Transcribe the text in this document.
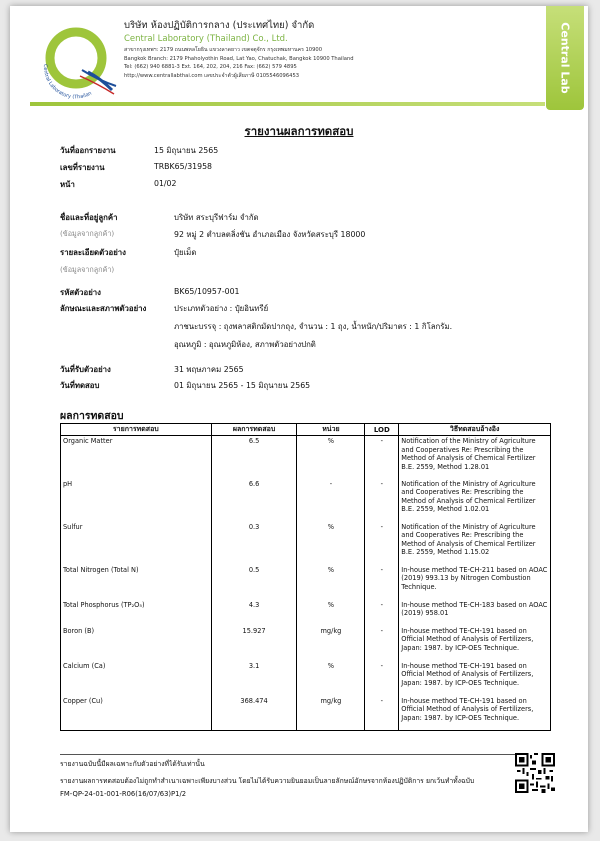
Central Laboratory (Thailan
บริษัท ห้องปฏิบัติการกลาง (ประเทศไทย) จำกัด
Central Laboratory (Thailand) Co., Ltd.
สาขากรุงเทพฯ: 2179 ถนนพหลโยธิน แขวงลาดยาว เขตจตุจักร กรุงเทพมหานคร 10900
Bangkok Branch: 2179 Phaholyothin Road, Lat Yao, Chatuchak, Bangkok 10900 Thailand
Tel: (662) 940 6881-3 Ext. 164, 202, 204, 216 Fax: (662) 579 4895
http://www.centrallabthai.com เลขประจำตัวผู้เสียภาษี 0105546096453	Central Lab
รายงานผลการทดสอบ
วันที่ออกรายงาน	15 มิถุนายน 2565
เลขที่รายงาน	TRBK65/31958
หน้า	01/02
ชื่อและที่อยู่ลูกค้า	บริษัท สระบุรีฟาร์ม จำกัด
(ข้อมูลจากลูกค้า)	92 หมู่ 2 ตำบลตลิ่งชัน อำเภอเมือง จังหวัดสระบุรี 18000
รายละเอียดตัวอย่าง	ปุ๋ยเม็ด
(ข้อมูลจากลูกค้า)
รหัสตัวอย่าง	BK65/10957-001
ลักษณะและสภาพตัวอย่าง	ประเภทตัวอย่าง : ปุ๋ยอินทรีย์
ภาชนะบรรจุ : ถุงพลาสติกมัดปากถุง, จำนวน : 1 ถุง, น้ำหนัก/ปริมาตร : 1 กิโลกรัม.
อุณหภูมิ : อุณหภูมิห้อง, สภาพตัวอย่างปกติ
วันที่รับตัวอย่าง	31 พฤษภาคม 2565
วันที่ทดสอบ	01 มิถุนายน 2565 - 15 มิถุนายน 2565
ผลการทดสอบ
รายการทดสอบ	ผลการทดสอบ	หน่วย	LOD	วิธีทดสอบอ้างอิง
Organic Matter	6.5	%	-	Notification of the Ministry of Agriculture and Cooperatives Re: Prescribing the Method of Analysis of Chemical Fertilizer B.E. 2559, Method 1.28.01
pH	6.6	-	-	Notification of the Ministry of Agriculture and Cooperatives Re: Prescribing the Method of Analysis of Chemical Fertilizer B.E. 2559, Method 1.02.01
Sulfur	0.3	%	-	Notification of the Ministry of Agriculture and Cooperatives Re: Prescribing the Method of Analysis of Chemical Fertilizer B.E. 2559, Method 1.15.02
Total Nitrogen (Total N)	0.5	%	-	In-house method TE-CH-211 based on AOAC (2019) 993.13 by Nitrogen Combustion Technique.
Total Phosphorus (TP₂O₅)	4.3	%	-	In-house method TE-CH-183 based on AOAC (2019) 958.01
Boron (B)	15.927	mg/kg	-	In-house method TE-CH-191 based on Official Method of Analysis of Fertilizers, Japan: 1987. by ICP-OES Technique.
Calcium (Ca)	3.1	%	-	In-house method TE-CH-191 based on Official Method of Analysis of Fertilizers, Japan: 1987. by ICP-OES Technique.
Copper (Cu)	368.474	mg/kg	-	In-house method TE-CH-191 based on Official Method of Analysis of Fertilizers, Japan: 1987. by ICP-OES Technique.
รายงานฉบับนี้มีผลเฉพาะกับตัวอย่างที่ได้รับเท่านั้น
รายงานผลการทดสอบต้องไม่ถูกทำสำเนาเฉพาะเพียงบางส่วน โดยไม่ได้รับความยินยอมเป็นลายลักษณ์อักษรจากห้องปฏิบัติการ ยกเว้นทำทั้งฉบับ
FM-QP-24-01-001-R06(16/07/63)P1/2
